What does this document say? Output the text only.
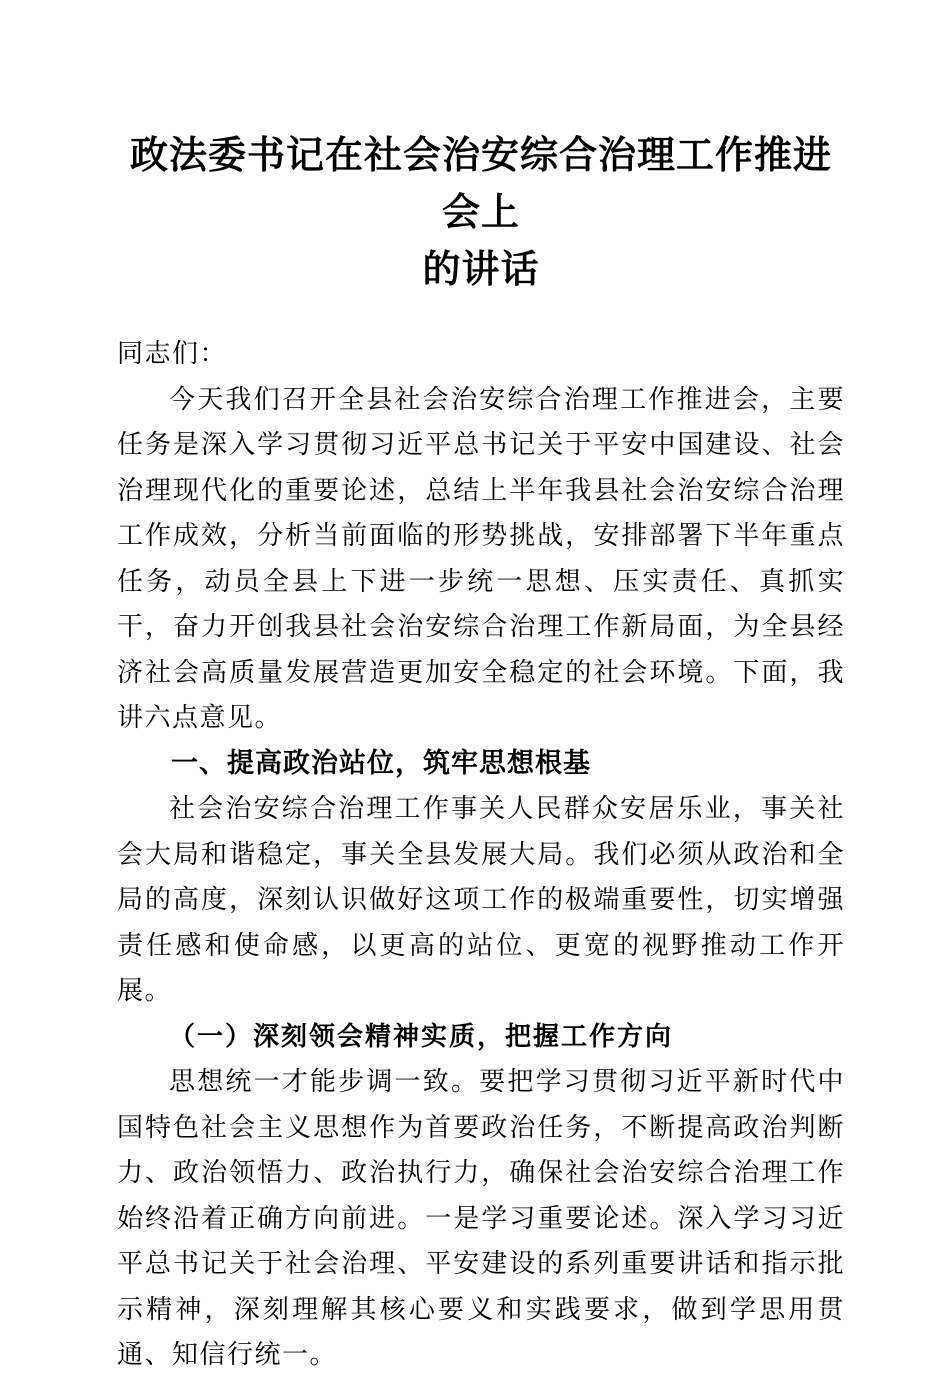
政法委书记在社会治安综合治理工作推进会上
的讲话

同志们：

今天我们召开全县社会治安综合治理工作推进会，主要任务是深入学习贯彻习近平总书记关于平安中国建设、社会治理现代化的重要论述，总结上半年我县社会治安综合治理工作成效，分析当前面临的形势挑战，安排部署下半年重点任务，动员全县上下进一步统一思想、压实责任、真抓实干，奋力开创我县社会治安综合治理工作新局面，为全县经济社会高质量发展营造更加安全稳定的社会环境。下面，我讲六点意见。

一、提高政治站位，筑牢思想根基

社会治安综合治理工作事关人民群众安居乐业，事关社会大局和谐稳定，事关全县发展大局。我们必须从政治和全局的高度，深刻认识做好这项工作的极端重要性，切实增强责任感和使命感，以更高的站位、更宽的视野推动工作开展。

（一）深刻领会精神实质，把握工作方向

思想统一才能步调一致。要把学习贯彻习近平新时代中国特色社会主义思想作为首要政治任务，不断提高政治判断力、政治领悟力、政治执行力，确保社会治安综合治理工作始终沿着正确方向前进。一是学习重要论述。深入学习习近平总书记关于社会治理、平安建设的系列重要讲话和指示批示精神，深刻理解其核心要义和实践要求，做到学思用贯通、知信行统一。
